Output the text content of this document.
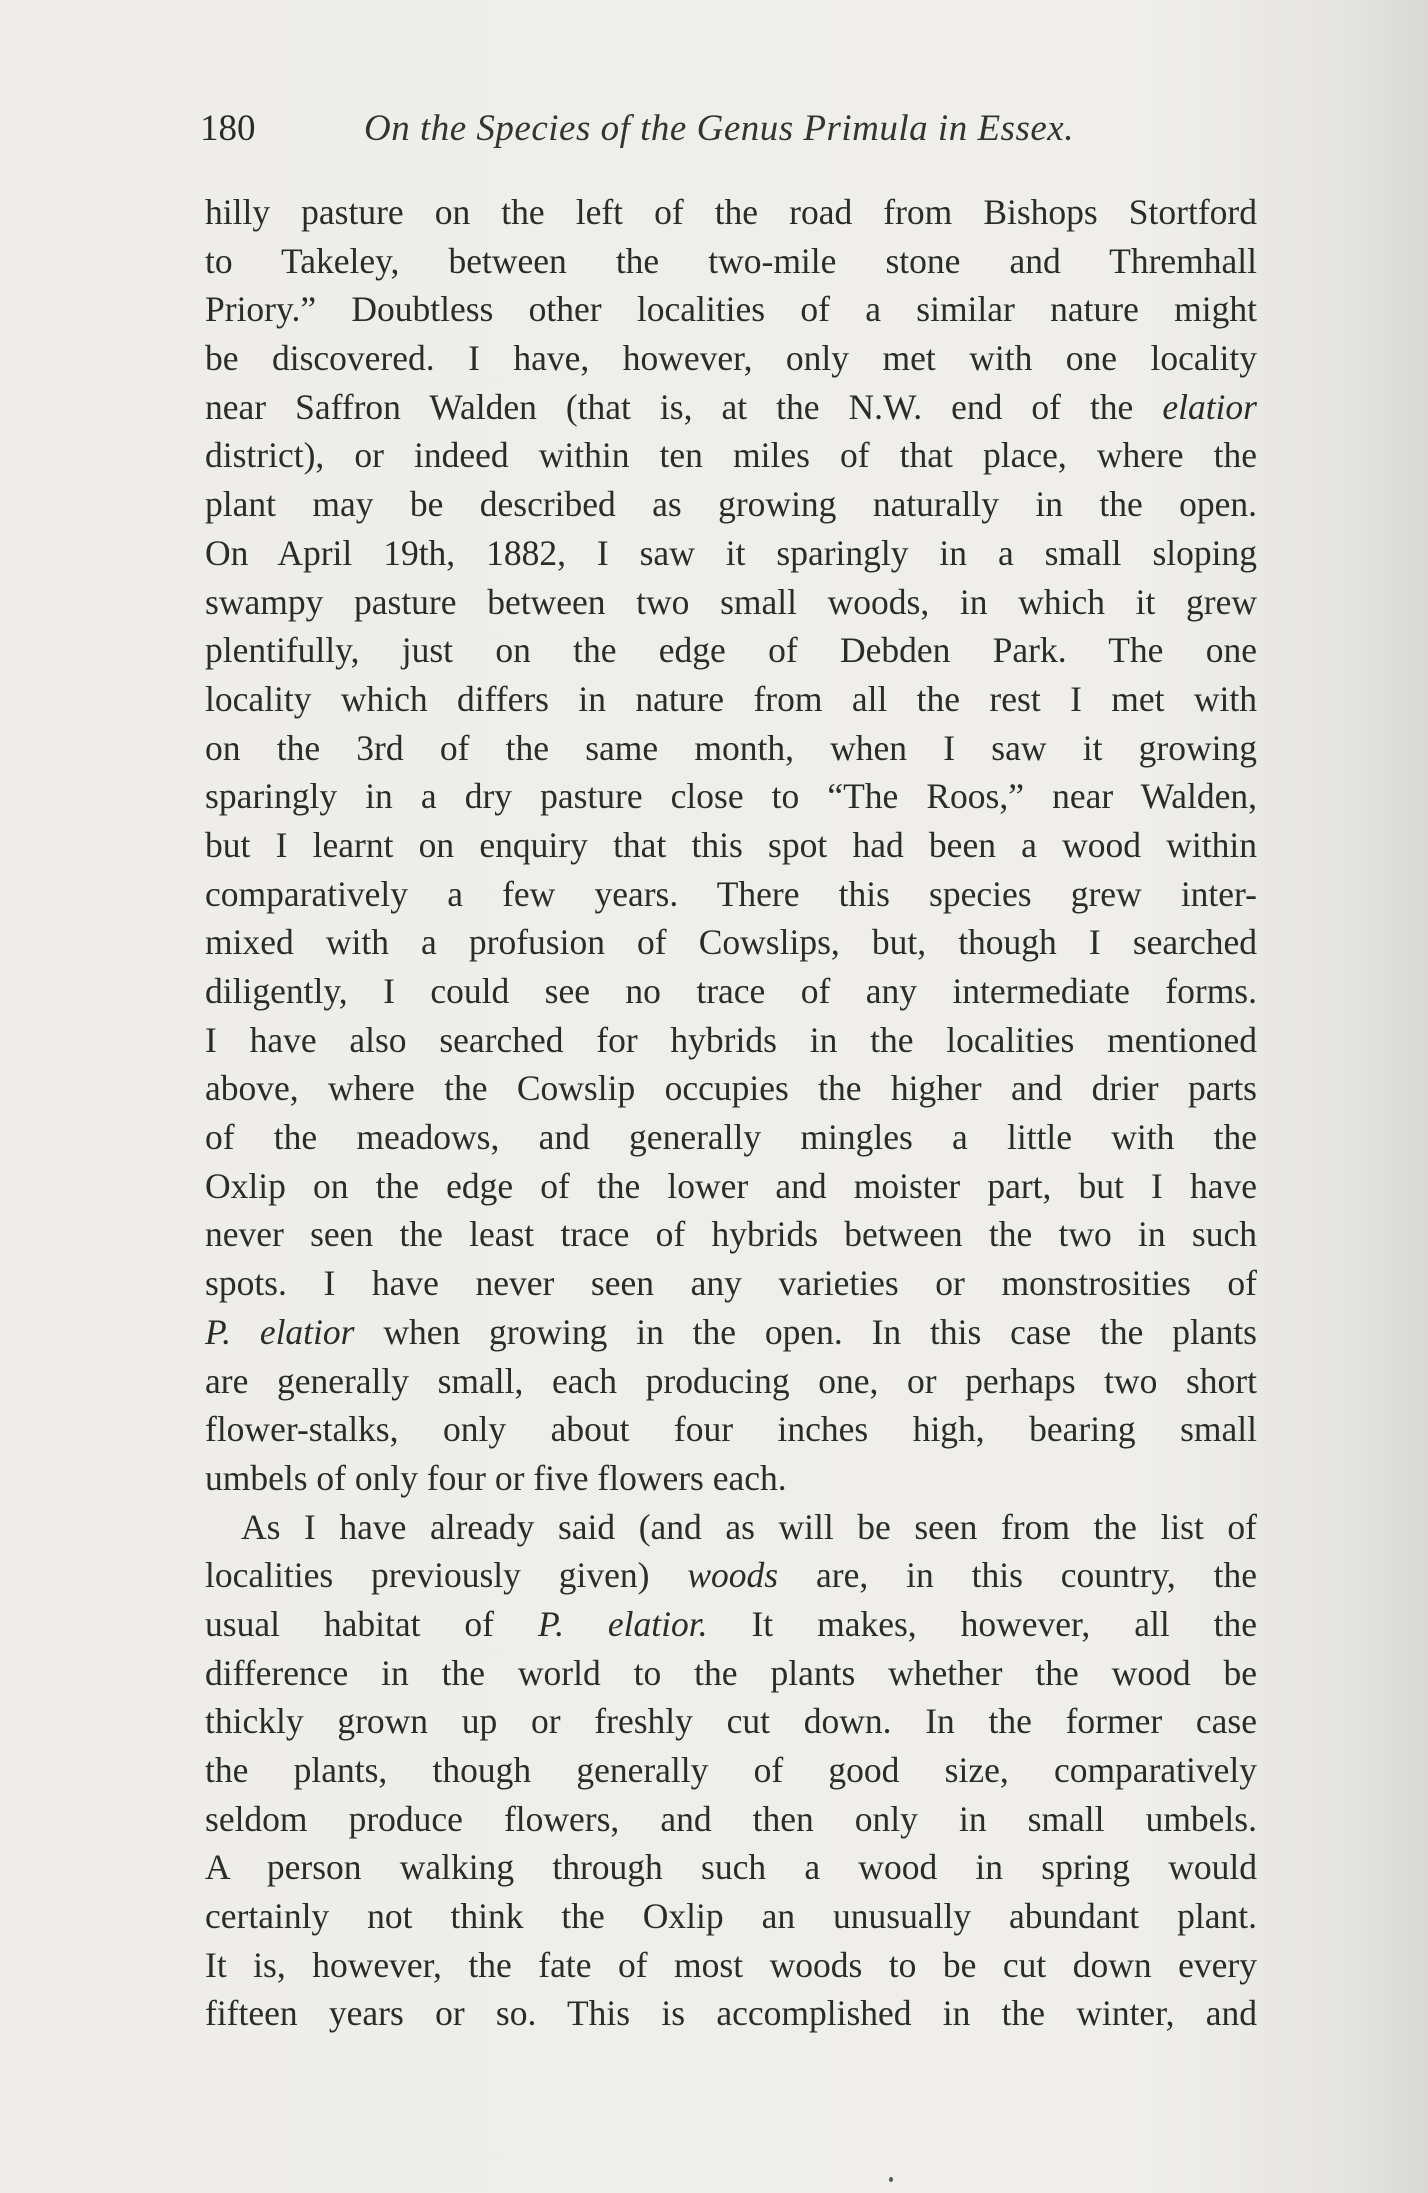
180	On the Species of the Genus Primula in Essex.
hilly pasture on the left of the road from Bishops Stortford
to Takeley, between the two-mile stone and Thremhall
Priory.” Doubtless other localities of a similar nature might
be discovered. I have, however, only met with one locality
near Saffron Walden (that is, at the N.W. end of the elatior
district), or indeed within ten miles of that place, where the
plant may be described as growing naturally in the open.
On April 19th, 1882, I saw it sparingly in a small sloping
swampy pasture between two small woods, in which it grew
plentifully, just on the edge of Debden Park. The one
locality which differs in nature from all the rest I met with
on the 3rd of the same month, when I saw it growing
sparingly in a dry pasture close to “The Roos,” near Walden,
but I learnt on enquiry that this spot had been a wood within
comparatively a few years. There this species grew inter-
mixed with a profusion of Cowslips, but, though I searched
diligently, I could see no trace of any intermediate forms.
I have also searched for hybrids in the localities mentioned
above, where the Cowslip occupies the higher and drier parts
of the meadows, and generally mingles a little with the
Oxlip on the edge of the lower and moister part, but I have
never seen the least trace of hybrids between the two in such
spots. I have never seen any varieties or monstrosities of
P. elatior when growing in the open. In this case the plants
are generally small, each producing one, or perhaps two short
flower-stalks, only about four inches high, bearing small
umbels of only four or five flowers each.
As I have already said (and as will be seen from the list of
localities previously given) woods are, in this country, the
usual habitat of P. elatior. It makes, however, all the
difference in the world to the plants whether the wood be
thickly grown up or freshly cut down. In the former case
the plants, though generally of good size, comparatively
seldom produce flowers, and then only in small umbels.
A person walking through such a wood in spring would
certainly not think the Oxlip an unusually abundant plant.
It is, however, the fate of most woods to be cut down every
fifteen years or so. This is accomplished in the winter, and
